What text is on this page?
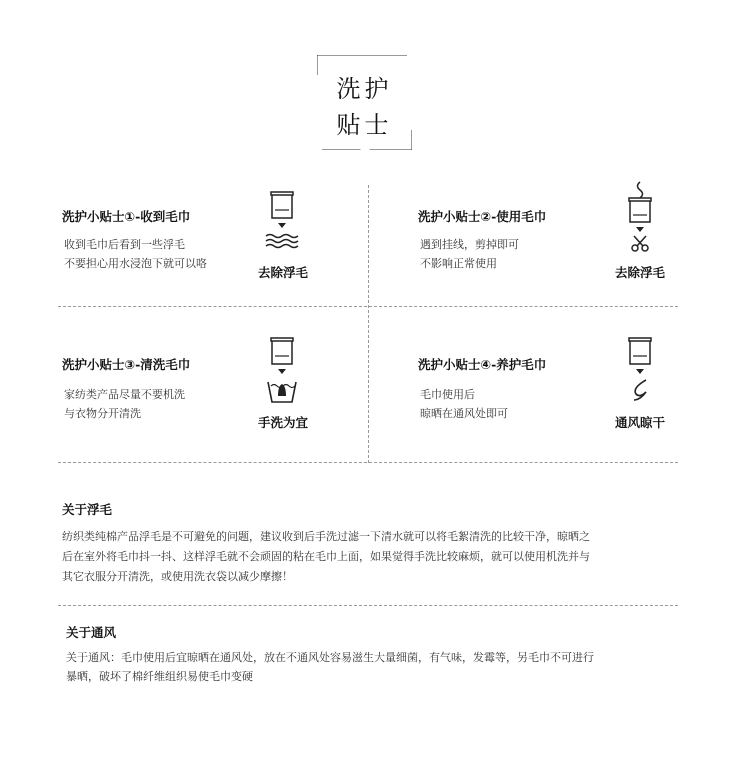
洗护
贴士
洗护小贴士①-收到毛巾
收到毛巾后看到一些浮毛
不要担心用水浸泡下就可以咯
去除浮毛
洗护小贴士②-使用毛巾
遇到挂线，剪掉即可
不影响正常使用
去除浮毛
洗护小贴士③-清洗毛巾
家纺类产品尽量不要机洗
与衣物分开清洗
手洗为宜
洗护小贴士④-养护毛巾
毛巾使用后
晾晒在通风处即可
通风晾干
关于浮毛
纺织类纯棉产品浮毛是不可避免的问题，建议收到后手洗过滤一下清水就可以将毛絮清洗的比较干净，晾晒之
后在室外将毛巾抖一抖、这样浮毛就不会顽固的粘在毛巾上面，如果觉得手洗比较麻烦，就可以使用机洗并与
其它衣服分开清洗，或使用洗衣袋以减少摩擦！
关于通风
关于通风：毛巾使用后宜晾晒在通风处，放在不通风处容易滋生大量细菌，有气味，发霉等，另毛巾不可进行
暴晒，破坏了棉纤维组织易使毛巾变硬
